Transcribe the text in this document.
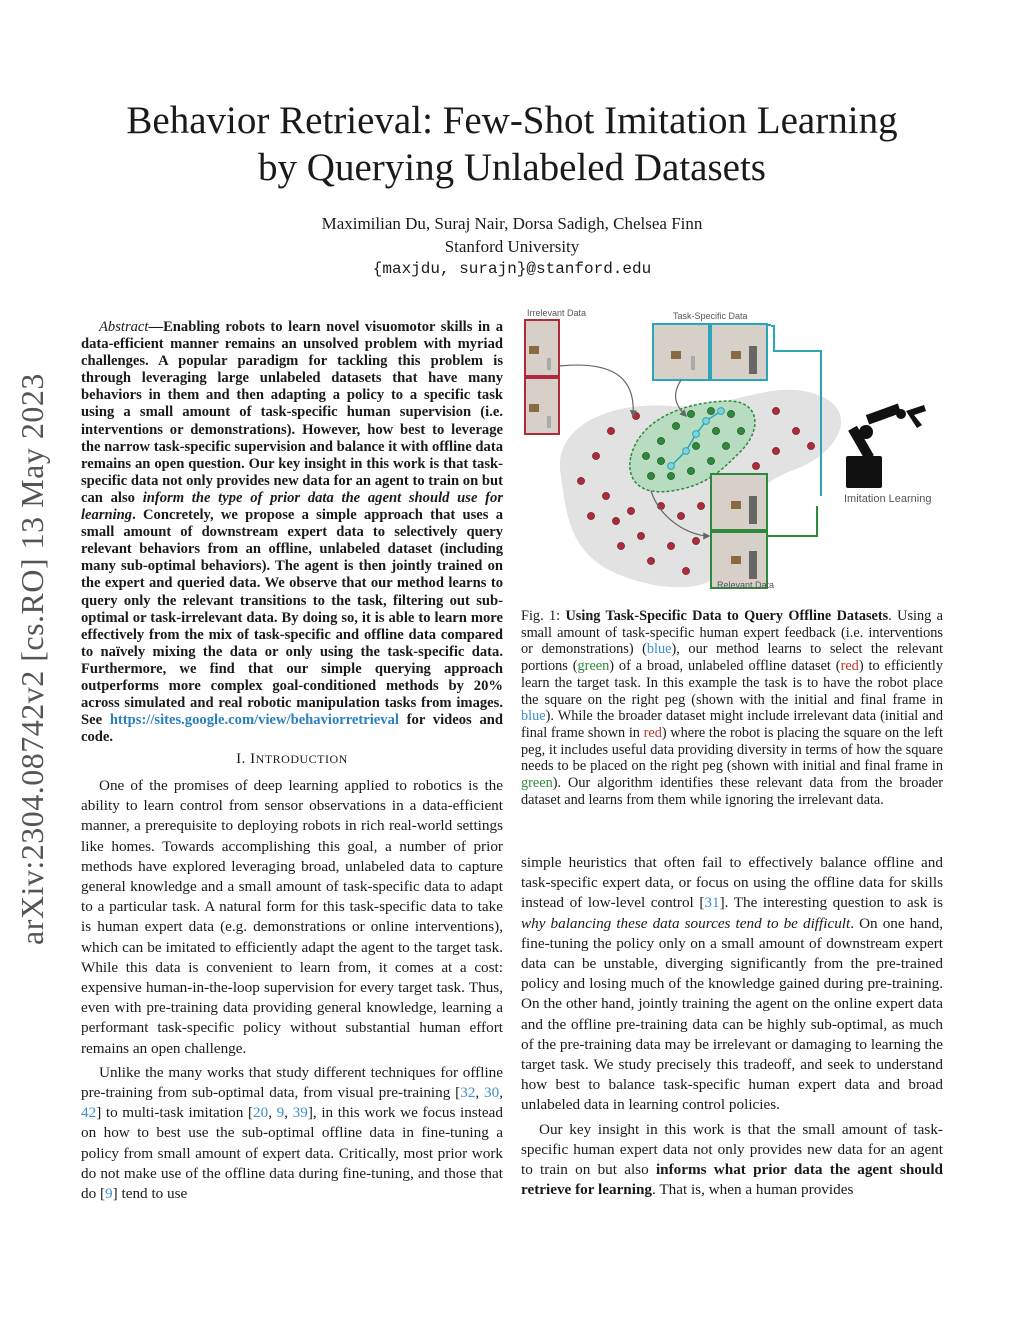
Behavior Retrieval: Few-Shot Imitation Learning
by Querying Unlabeled Datasets
Maximilian Du, Suraj Nair, Dorsa Sadigh, Chelsea Finn
Stanford University
{maxjdu, surajn}@stanford.edu
arXiv:2304.08742v2 [cs.RO] 13 May 2023

Abstract—Enabling robots to learn novel visuomotor skills in a data-efficient manner remains an unsolved problem with myriad challenges. A popular paradigm for tackling this problem is through leveraging large unlabeled datasets that have many behaviors in them and then adapting a policy to a specific task using a small amount of task-specific human supervision (i.e. interventions or demonstrations). However, how best to leverage the narrow task-specific supervision and balance it with offline data remains an open question. Our key insight in this work is that task-specific data not only provides new data for an agent to train on but can also inform the type of prior data the agent should use for learning. Concretely, we propose a simple approach that uses a small amount of downstream expert data to selectively query relevant behaviors from an offline, unlabeled dataset (including many sub-optimal behaviors). The agent is then jointly trained on the expert and queried data. We observe that our method learns to query only the relevant transitions to the task, filtering out sub-optimal or task-irrelevant data. By doing so, it is able to learn more effectively from the mix of task-specific and offline data compared to naïvely mixing the data or only using the task-specific data. Furthermore, we find that our simple querying approach outperforms more complex goal-conditioned methods by 20% across simulated and real robotic manipulation tasks from images. See https://sites.google.com/view/behaviorretrieval for videos and code.

I. INTRODUCTION

One of the promises of deep learning applied to robotics is the ability to learn control from sensor observations in a data-efficient manner, a prerequisite to deploying robots in rich real-world settings like homes. Towards accomplishing this goal, a number of prior methods have explored leveraging broad, unlabeled data to capture general knowledge and a small amount of task-specific data to adapt to a particular task. A natural form for this task-specific data to take is human expert data (e.g. demonstrations or online interventions), which can be imitated to efficiently adapt the agent to the target task. While this data is convenient to learn from, it comes at a cost: expensive human-in-the-loop supervision for every target task. Thus, even with pre-training data providing general knowledge, learning a performant task-specific policy without substantial human effort remains an open challenge.

Unlike the many works that study different techniques for offline pre-training from sub-optimal data, from visual pre-training [32, 30, 42] to multi-task imitation [20, 9, 39], in this work we focus instead on how to best use the sub-optimal offline data in fine-tuning a policy from small amount of expert data. Critically, most prior work do not make use of the offline data during fine-tuning, and those that do [9] tend to use

Irrelevant Data	Task-Specific Data
Relevant Data
Imitation Learning
Fig. 1: Using Task-Specific Data to Query Offline Datasets. Using a small amount of task-specific human expert feedback (i.e. interventions or demonstrations) (blue), our method learns to select the relevant portions (green) of a broad, unlabeled offline dataset (red) to efficiently learn the target task. In this example the task is to have the robot place the square on the right peg (shown with the initial and final frame in blue). While the broader dataset might include irrelevant data (initial and final frame shown in red) where the robot is placing the square on the left peg, it includes useful data providing diversity in terms of how the square needs to be placed on the right peg (shown with initial and final frame in green). Our algorithm identifies these relevant data from the broader dataset and learns from them while ignoring the irrelevant data.

simple heuristics that often fail to effectively balance offline and task-specific expert data, or focus on using the offline data for skills instead of low-level control [31]. The interesting question to ask is why balancing these data sources tend to be difficult. On one hand, fine-tuning the policy only on a small amount of downstream expert data can be unstable, diverging significantly from the pre-trained policy and losing much of the knowledge gained during pre-training. On the other hand, jointly training the agent on the online expert data and the offline pre-training data can be highly sub-optimal, as much of the pre-training data may be irrelevant or damaging to learning the target task. We study precisely this tradeoff, and seek to understand how best to balance task-specific human expert data and broad unlabeled data in learning control policies.

Our key insight in this work is that the small amount of task-specific human expert data not only provides new data for an agent to train on but also informs what prior data the agent should retrieve for learning. That is, when a human provides
